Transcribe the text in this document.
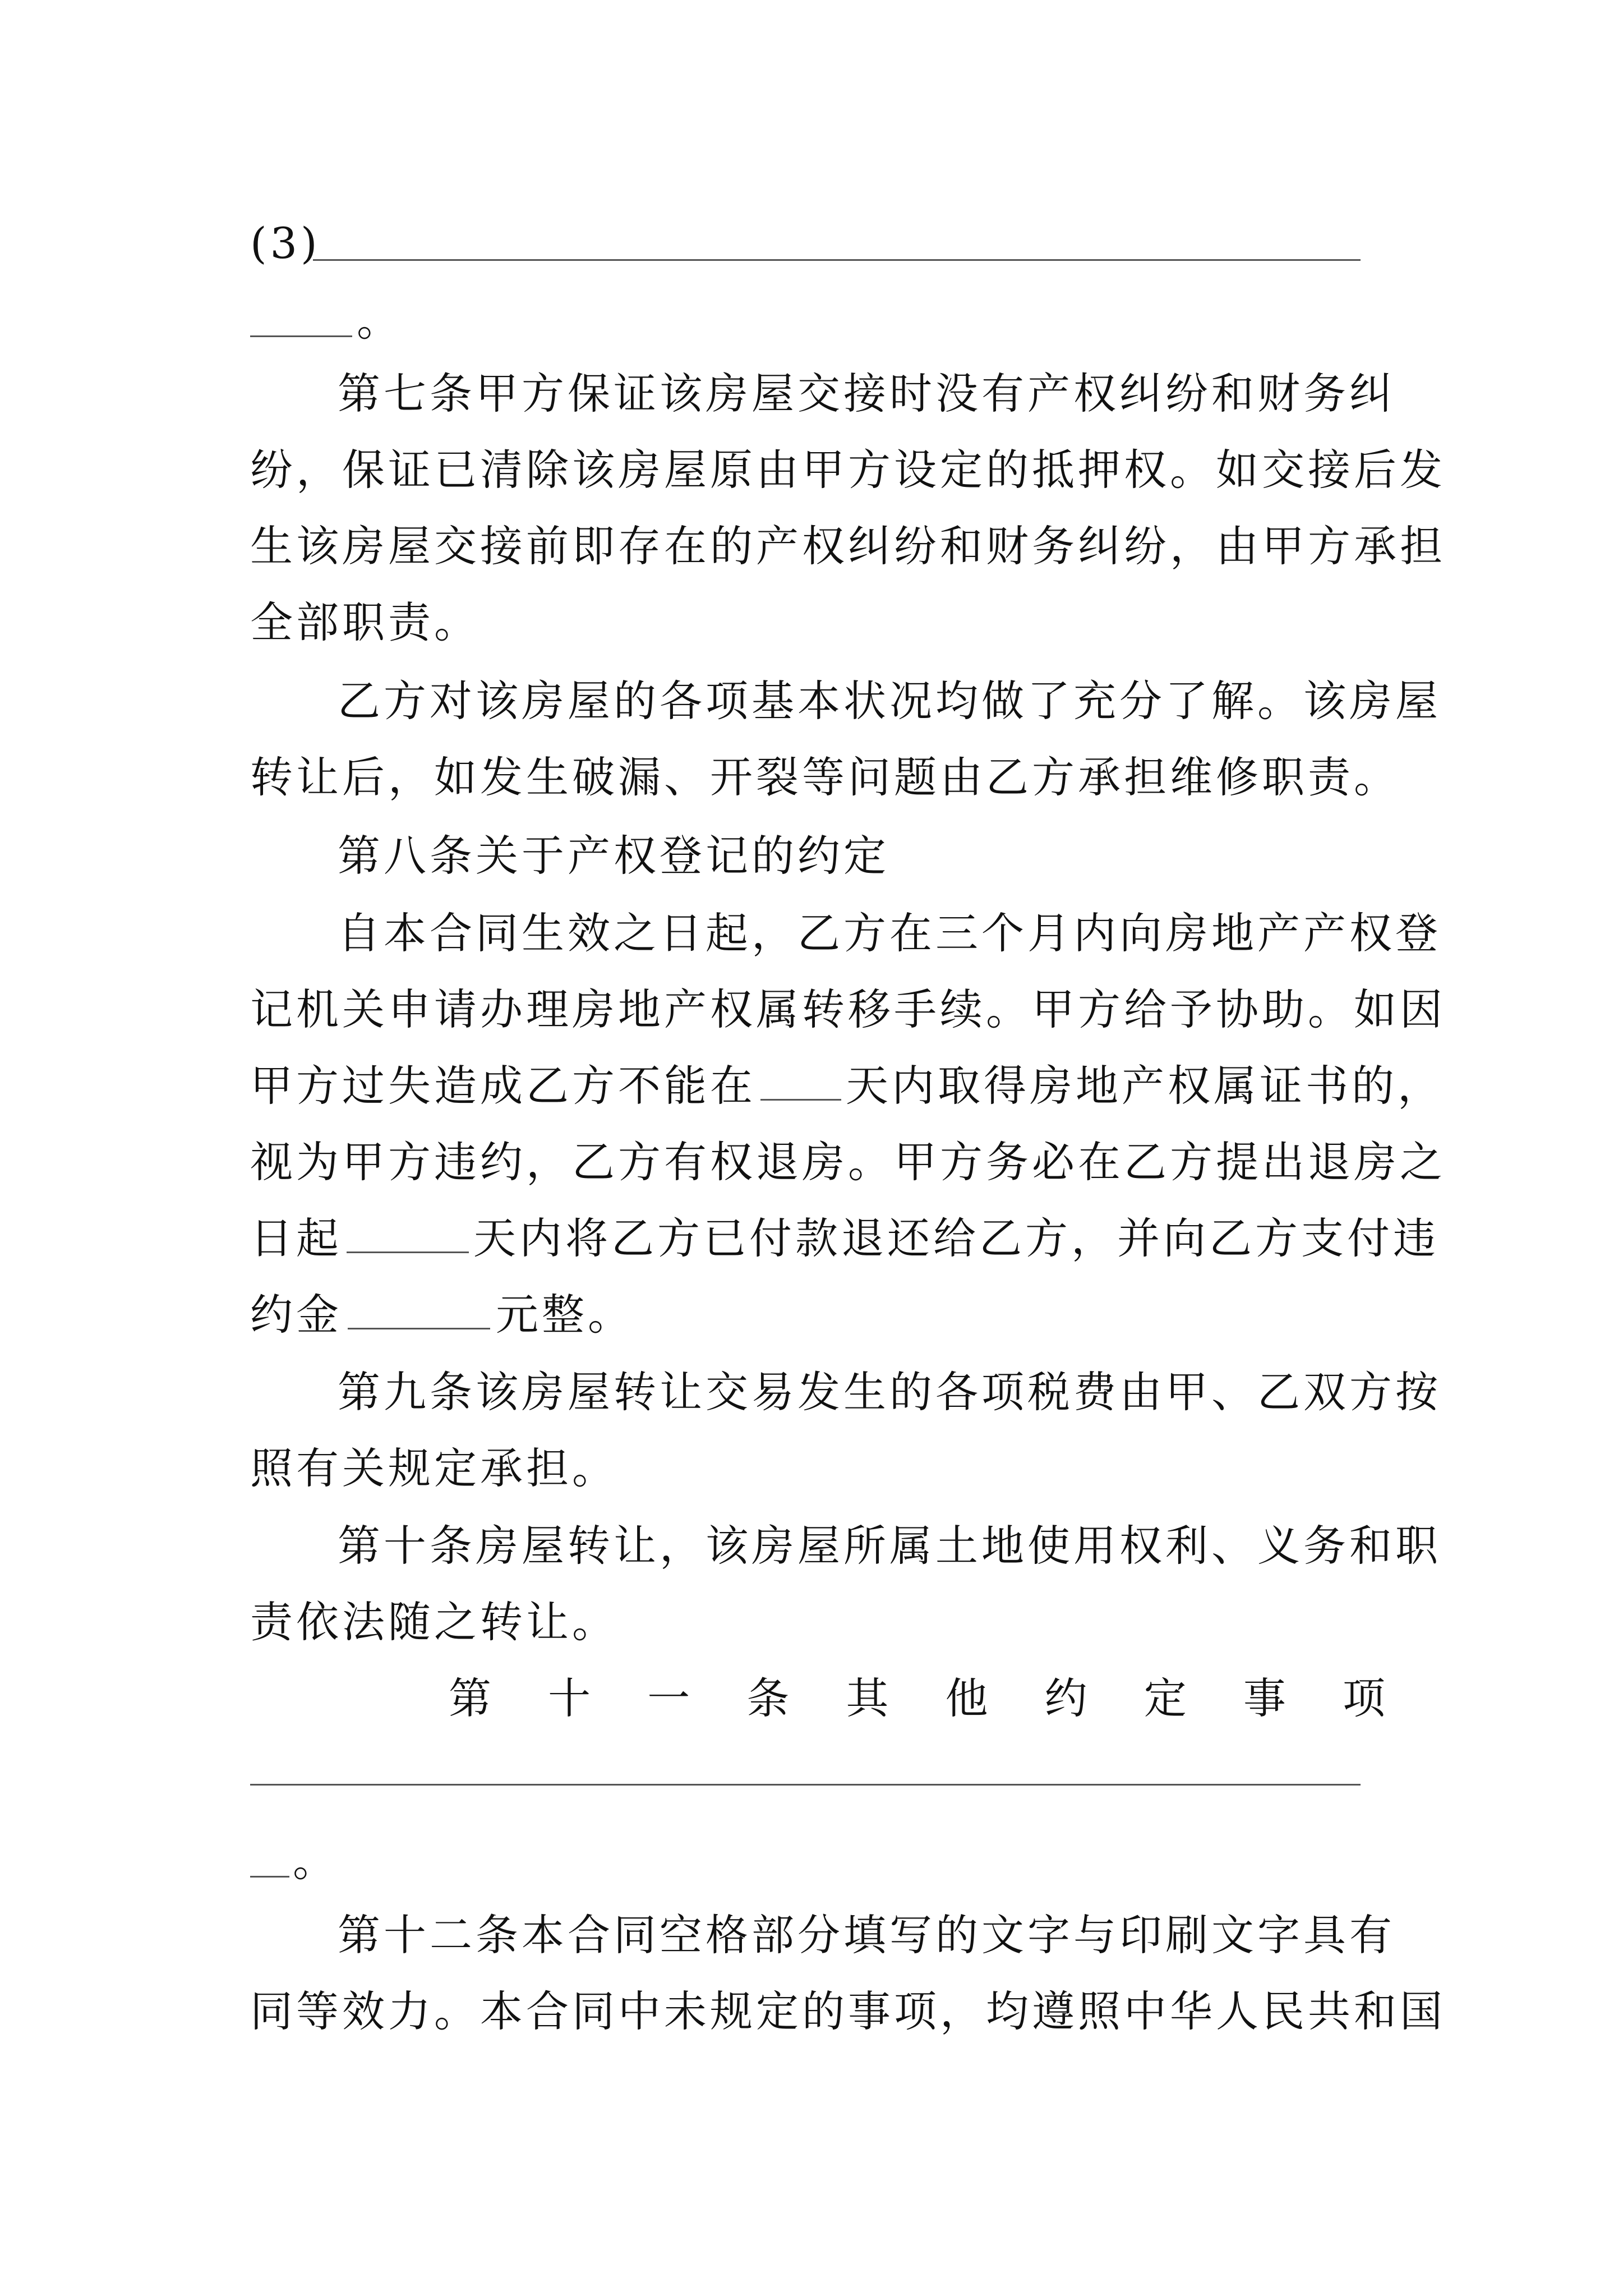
(3)
。
第七条甲方保证该房屋交接时没有产权纠纷和财务纠
纷，保证已清除该房屋原由甲方设定的抵押权。如交接后发
生该房屋交接前即存在的产权纠纷和财务纠纷，由甲方承担
全部职责。
乙方对该房屋的各项基本状况均做了充分了解。该房屋
转让后，如发生破漏、开裂等问题由乙方承担维修职责。
第八条关于产权登记的约定
自本合同生效之日起，乙方在三个月内向房地产产权登
记机关申请办理房地产权属转移手续。甲方给予协助。如因
甲方过失造成乙方不能在 天内取得房地产权属证书的，
视为甲方违约，乙方有权退房。甲方务必在乙方提出退房之
日起	天内将乙方已付款退还给乙方，并向乙方支付违
约金	元整。
第九条该房屋转让交易发生的各项税费由甲、乙双方按
照有关规定承担。
第十条房屋转让，该房屋所属土地使用权利、义务和职
责依法随之转让。
第十一条其他约定事项
。
第十二条本合同空格部分填写的文字与印刷文字具有
同等效力。本合同中未规定的事项，均遵照中华人民共和国
